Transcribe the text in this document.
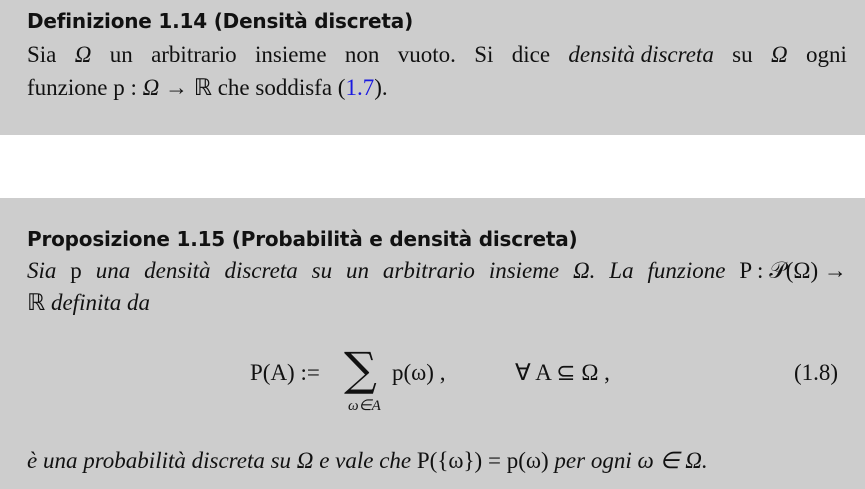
Definizione 1.14 (Densità discreta)
Sia Ω un arbitrario insieme non vuoto. Si dice densità discreta su Ω ogni
funzione p : Ω → ℝ che soddisfa (1.7).
Proposizione 1.15 (Probabilità e densità discreta)
Sia p una densità discreta su un arbitrario insieme Ω. La funzione P : 𝒫(Ω) →
ℝ definita da
P(A) := ∑
ω∈A
p(ω) ,	∀ A ⊆ Ω ,	(1.8)
è una probabilità discreta su Ω e vale che P({ω}) = p(ω) per ogni ω ∈ Ω.
